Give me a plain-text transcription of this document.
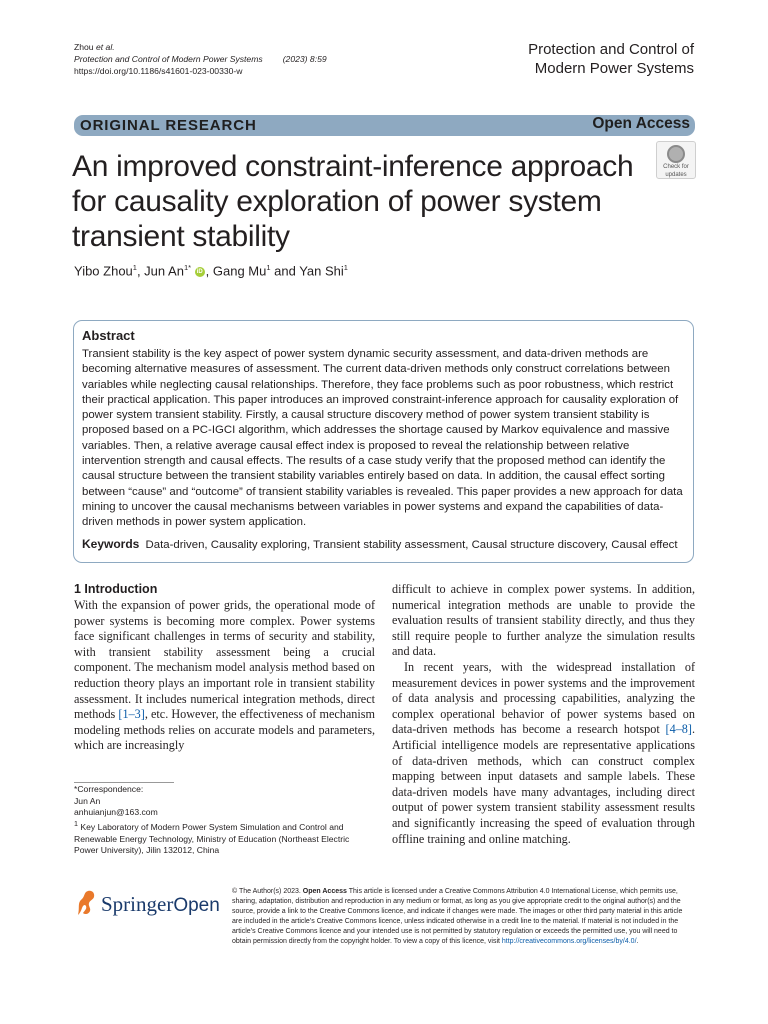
Zhou et al.
Protection and Control of Modern Power Systems (2023) 8:59
https://doi.org/10.1186/s41601-023-00330-w
Protection and Control of
Modern Power Systems
ORIGINAL RESEARCH	Open Access
An improved constraint-inference approach for causality exploration of power system transient stability
Check for
updates
Yibo Zhou$^1$, Jun $An^{1*}$ iD , Gang Mu$^1$ and Yan Shi$^1$
Abstract
Transient stability is the key aspect of power system dynamic security assessment, and data-driven methods are becoming alternative measures of assessment. The current data-driven methods only construct correlations between variables while neglecting causal relationships. Therefore, they face problems such as poor robustness, which restrict their practical application. This paper introduces an improved constraint-inference approach for causality exploration of power system transient stability. Firstly, a causal structure discovery method of power system transient stability is proposed based on a PC-IGCI algorithm, which addresses the shortage caused by Markov equivalence and massive variables. Then, a relative average causal effect index is proposed to reveal the relationship between relative intervention strength and causal effects. The results of a case study verify that the proposed method can identify the causal structure between the transient stability variables entirely based on data. In addition, the causal effect sorting between “cause” and “outcome” of transient stability variables is revealed. This paper provides a new approach for data mining to uncover the causal mechanisms between variables in power systems and expand the capabilities of data-driven methods in power system application.
Keywords Data-driven, Causality exploring, Transient stability assessment, Causal structure discovery, Causal effect
1 Introduction

With the expansion of power grids, the operational mode of power systems is becoming more complex. Power systems face significant challenges in terms of security and stability, with transient stability assessment being a crucial component. The mechanism model analysis method based on reduction theory plays an important role in transient stability assessment. It includes numerical integration methods, direct methods [1–3], etc. However, the effectiveness of mechanism modeling methods relies on accurate models and parameters, which are increasingly

difficult to achieve in complex power systems. In addition, numerical integration methods are unable to provide the evaluation results of transient stability directly, and thus they still require people to further analyze the simulation results and data.

In recent years, with the widespread installation of measurement devices in power systems and the improvement of data analysis and processing capabilities, analyzing the complex operational behavior of power systems based on data-driven methods has become a research hotspot [4–8]. Artificial intelligence models are representative applications of data-driven methods, which can construct complex mapping between input datasets and sample labels. These data-driven models have many advantages, including direct output of power system transient stability assessment results and significantly increasing the speed of evaluation through offline training and online matching.

*Correspondence:
Jun An
anhuianjun@163.com
$^1$ Key Laboratory of Modern Power System Simulation and Control and Renewable Energy Technology, Ministry of Education (Northeast Electric Power University), Jilin 132012, China
SpringerOpen
© The Author(s) 2023. Open Access This article is licensed under a Creative Commons Attribution 4.0 International License, which permits use, sharing, adaptation, distribution and reproduction in any medium or format, as long as you give appropriate credit to the original author(s) and the source, provide a link to the Creative Commons licence, and indicate if changes were made. The images or other third party material in this article are included in the article’s Creative Commons licence, unless indicated otherwise in a credit line to the material. If material is not included in the article’s Creative Commons licence and your intended use is not permitted by statutory regulation or exceeds the permitted use, you will need to obtain permission directly from the copyright holder. To view a copy of this licence, visit http://creativecommons.org/licenses/by/4.0/.
